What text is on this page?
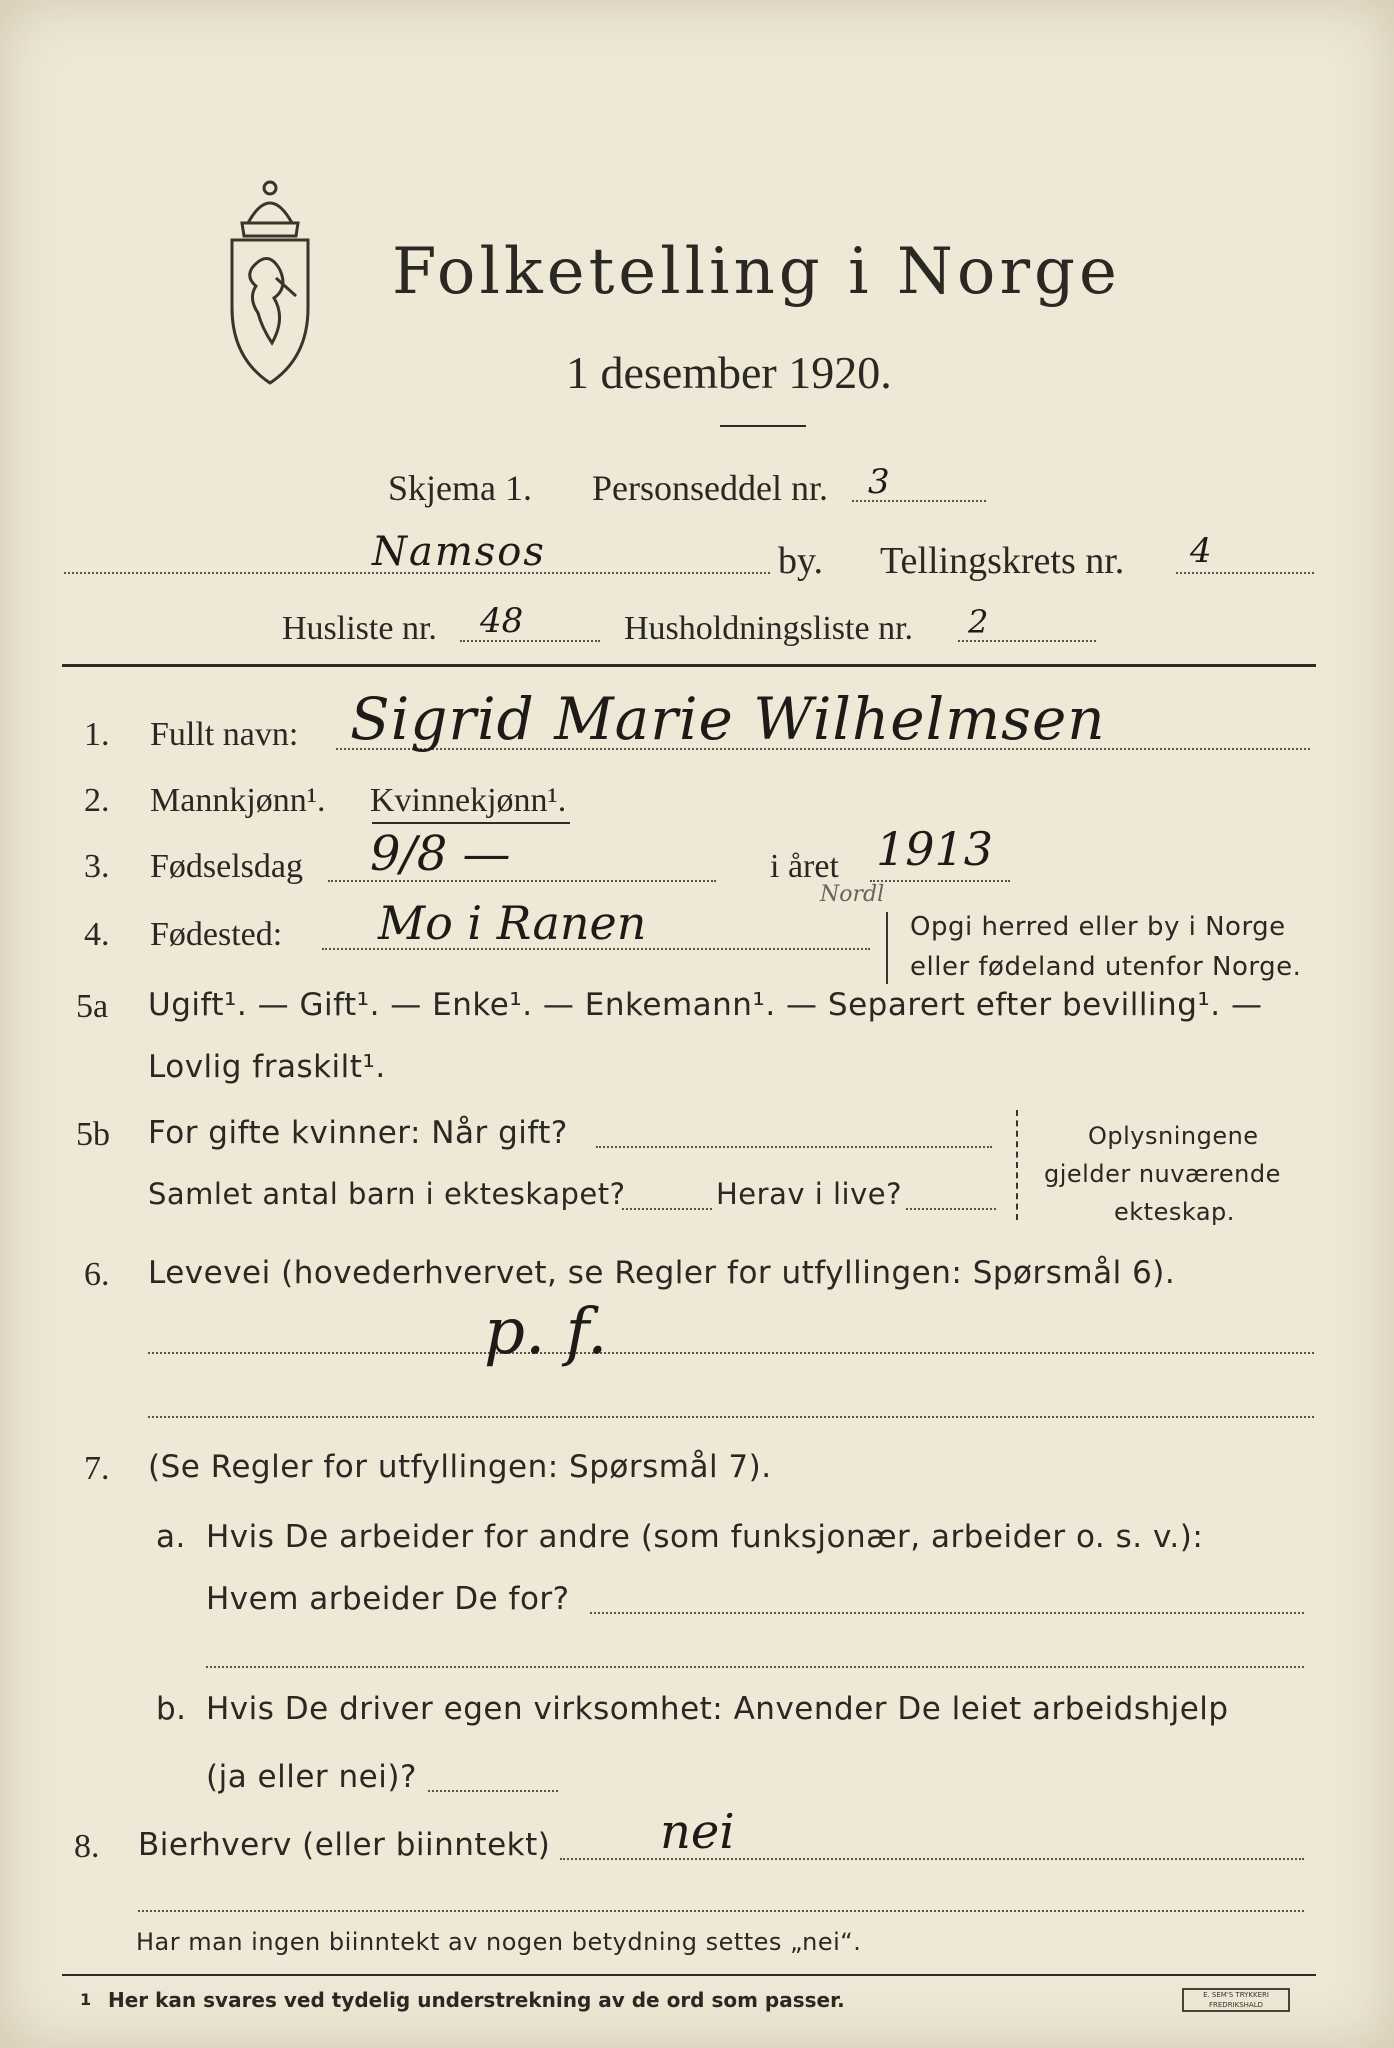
Folketelling i Norge
1 desember 1920.
Skjema 1. Personseddel nr. 3
Namsos	by. Tellingskrets nr. 4
Husliste nr. 48	Husholdningsliste nr. 2
1. Fullt navn: Sigrid Marie Wilhelmsen
2. Mannkjønn¹. Kvinnekjønn¹.
3. Fødselsdag 9/8 —	i året 1913
4. Fødested: Mo i Ranen
Nordl
Opgi herred eller by i Norge
eller fødeland utenfor Norge.
5a Ugift¹. — Gift¹. — Enke¹. — Enkemann¹. — Separert efter bevilling¹. —
Lovlig fraskilt¹.
5b For gifte kvinner: Når gift?
Samlet antal barn i ekteskapet?	Herav i live?
Oplysningene
gjelder nuværende
ekteskap.
6. Levevei (hovederhvervet, se Regler for utfyllingen: Spørsmål 6).
p. f.
7. (Se Regler for utfyllingen: Spørsmål 7).
a. Hvis De arbeider for andre (som funksjonær, arbeider o. s. v.):
Hvem arbeider De for?
b. Hvis De driver egen virksomhet: Anvender De leiet arbeidshjelp
(ja eller nei)?
8. Bierhverv (eller biinntekt) nei
Har man ingen biinntekt av nogen betydning settes „nei“.
1 Her kan svares ved tydelig understrekning av de ord som passer.	E. SEM'S TRYKKERI FREDRIKSHALD
